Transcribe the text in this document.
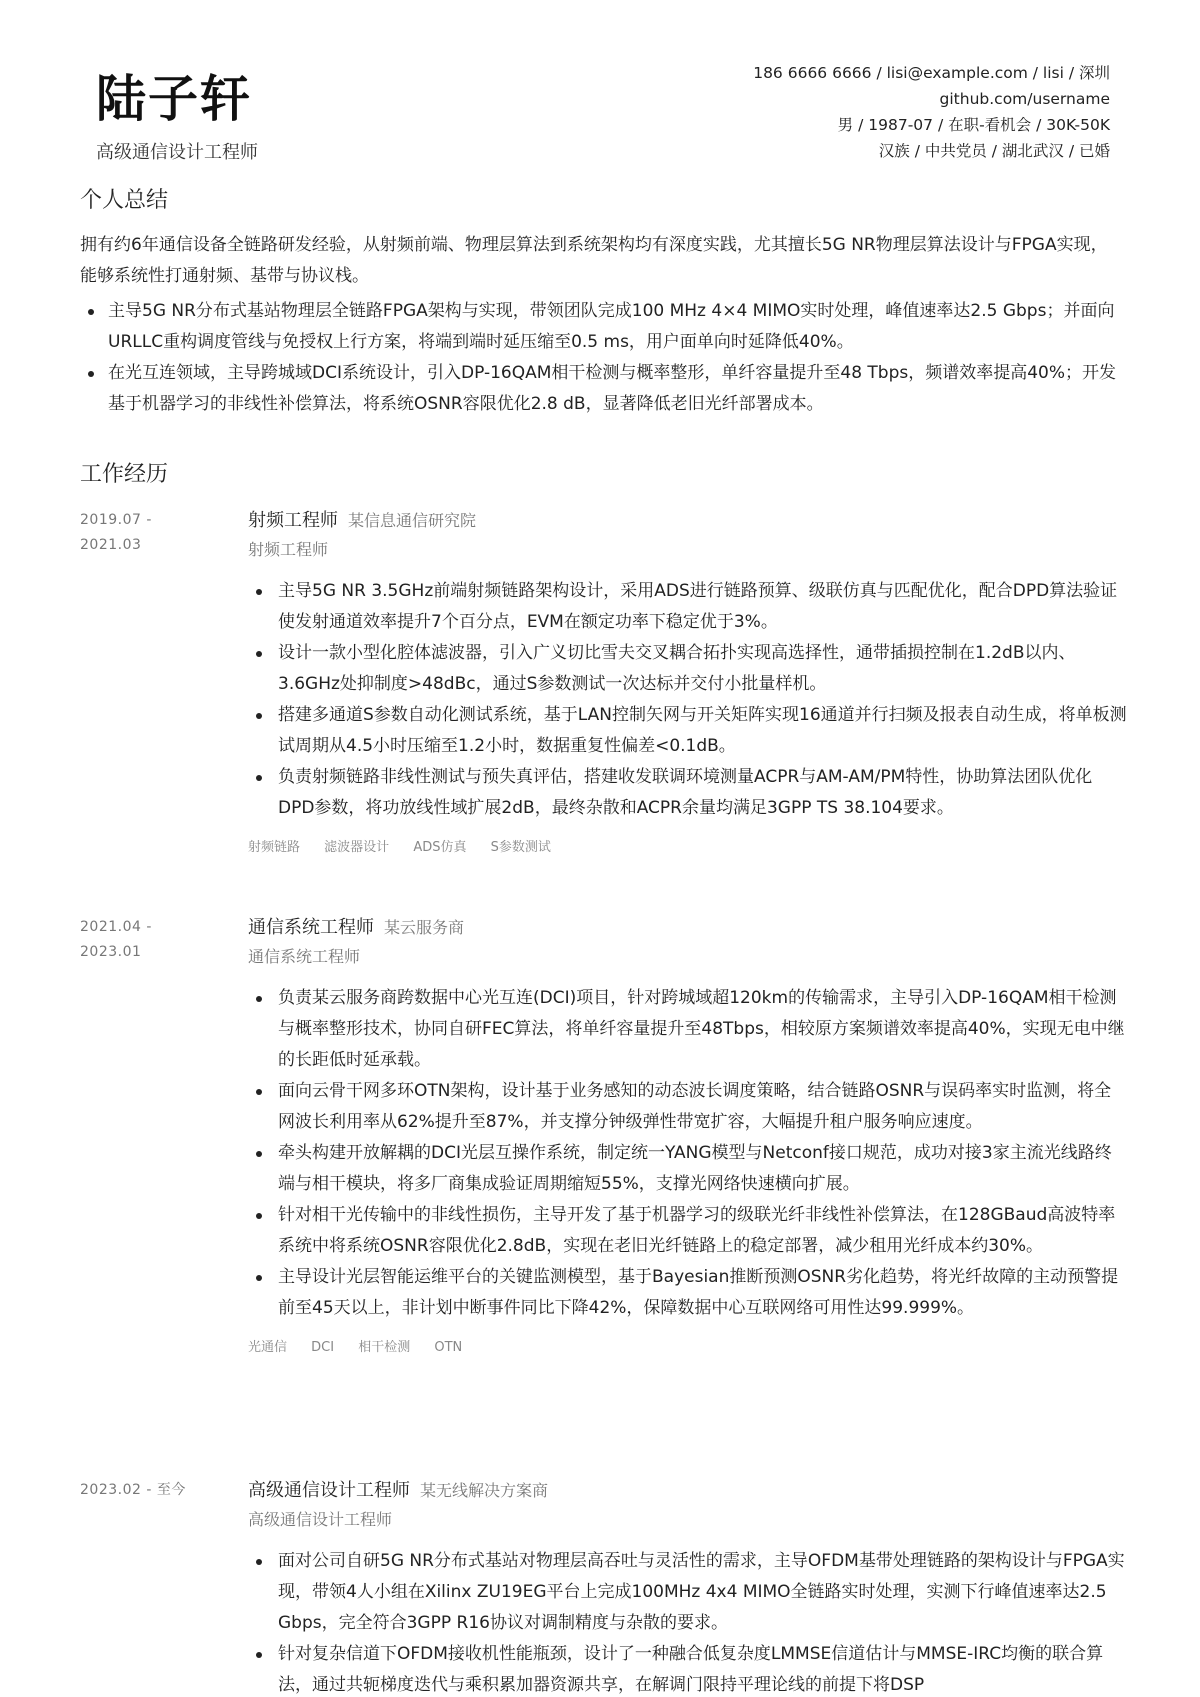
陆子轩
高级通信设计工程师
186 6666 6666 / lisi@example.com / lisi / 深圳
github.com/username
男 / 1987-07 / 在职-看机会 / 30K-50K
汉族 / 中共党员 / 湖北武汉 / 已婚
个人总结
拥有约6年通信设备全链路研发经验，从射频前端、物理层算法到系统架构均有深度实践，尤其擅长5G NR物理层算法设计与FPGA实现，能够系统性打通射频、基带与协议栈。
主导5G NR分布式基站物理层全链路FPGA架构与实现，带领团队完成100 MHz 4×4 MIMO实时处理，峰值速率达2.5 Gbps；并面向URLLC重构调度管线与免授权上行方案，将端到端时延压缩至0.5 ms，用户面单向时延降低40%。
在光互连领域，主导跨城域DCI系统设计，引入DP-16QAM相干检测与概率整形，单纤容量提升至48 Tbps，频谱效率提高40%；开发基于机器学习的非线性补偿算法，将系统OSNR容限优化2.8 dB，显著降低老旧光纤部署成本。
工作经历
2019.07 -
2021.03
射频工程师 某信息通信研究院
射频工程师
主导5G NR 3.5GHz前端射频链路架构设计，采用ADS进行链路预算、级联仿真与匹配优化，配合DPD算法验证使发射通道效率提升7个百分点，EVM在额定功率下稳定优于3%。
设计一款小型化腔体滤波器，引入广义切比雪夫交叉耦合拓扑实现高选择性，通带插损控制在1.2dB以内、3.6GHz处抑制度>48dBc，通过S参数测试一次达标并交付小批量样机。
搭建多通道S参数自动化测试系统，基于LAN控制矢网与开关矩阵实现16通道并行扫频及报表自动生成，将单板测试周期从4.5小时压缩至1.2小时，数据重复性偏差<0.1dB。
负责射频链路非线性测试与预失真评估，搭建收发联调环境测量ACPR与AM-AM/PM特性，协助算法团队优化DPD参数，将功放线性域扩展2dB，最终杂散和ACPR余量均满足3GPP TS 38.104要求。
射频链路 滤波器设计 ADS仿真 S参数测试
2021.04 -
2023.01
通信系统工程师 某云服务商
通信系统工程师
负责某云服务商跨数据中心光互连(DCI)项目，针对跨城域超120km的传输需求，主导引入DP-16QAM相干检测与概率整形技术，协同自研FEC算法，将单纤容量提升至48Tbps，相较原方案频谱效率提高40%，实现无电中继的长距低时延承载。
面向云骨干网多环OTN架构，设计基于业务感知的动态波长调度策略，结合链路OSNR与误码率实时监测，将全网波长利用率从62%提升至87%，并支撑分钟级弹性带宽扩容，大幅提升租户服务响应速度。
牵头构建开放解耦的DCI光层互操作系统，制定统一YANG模型与Netconf接口规范，成功对接3家主流光线路终端与相干模块，将多厂商集成验证周期缩短55%，支撑光网络快速横向扩展。
针对相干光传输中的非线性损伤，主导开发了基于机器学习的级联光纤非线性补偿算法，在128GBaud高波特率系统中将系统OSNR容限优化2.8dB，实现在老旧光纤链路上的稳定部署，减少租用光纤成本约30%。
主导设计光层智能运维平台的关键监测模型，基于Bayesian推断预测OSNR劣化趋势，将光纤故障的主动预警提前至45天以上，非计划中断事件同比下降42%，保障数据中心互联网络可用性达99.999%。
光通信 DCI 相干检测 OTN
2023.02 - 至今	高级通信设计工程师 某无线解决方案商
高级通信设计工程师
面对公司自研5G NR分布式基站对物理层高吞吐与灵活性的需求，主导OFDM基带处理链路的架构设计与FPGA实现，带领4人小组在Xilinx ZU19EG平台上完成100MHz 4x4 MIMO全链路实时处理，实测下行峰值速率达2.5 Gbps，完全符合3GPP R16协议对调制精度与杂散的要求。
针对复杂信道下OFDM接收机性能瓶颈，设计了一种融合低复杂度LMMSE信道估计与MMSE-IRC均衡的联合算法，通过共轭梯度迭代与乘积累加器资源共享，在解调门限持平理论线的前提下将DSP
